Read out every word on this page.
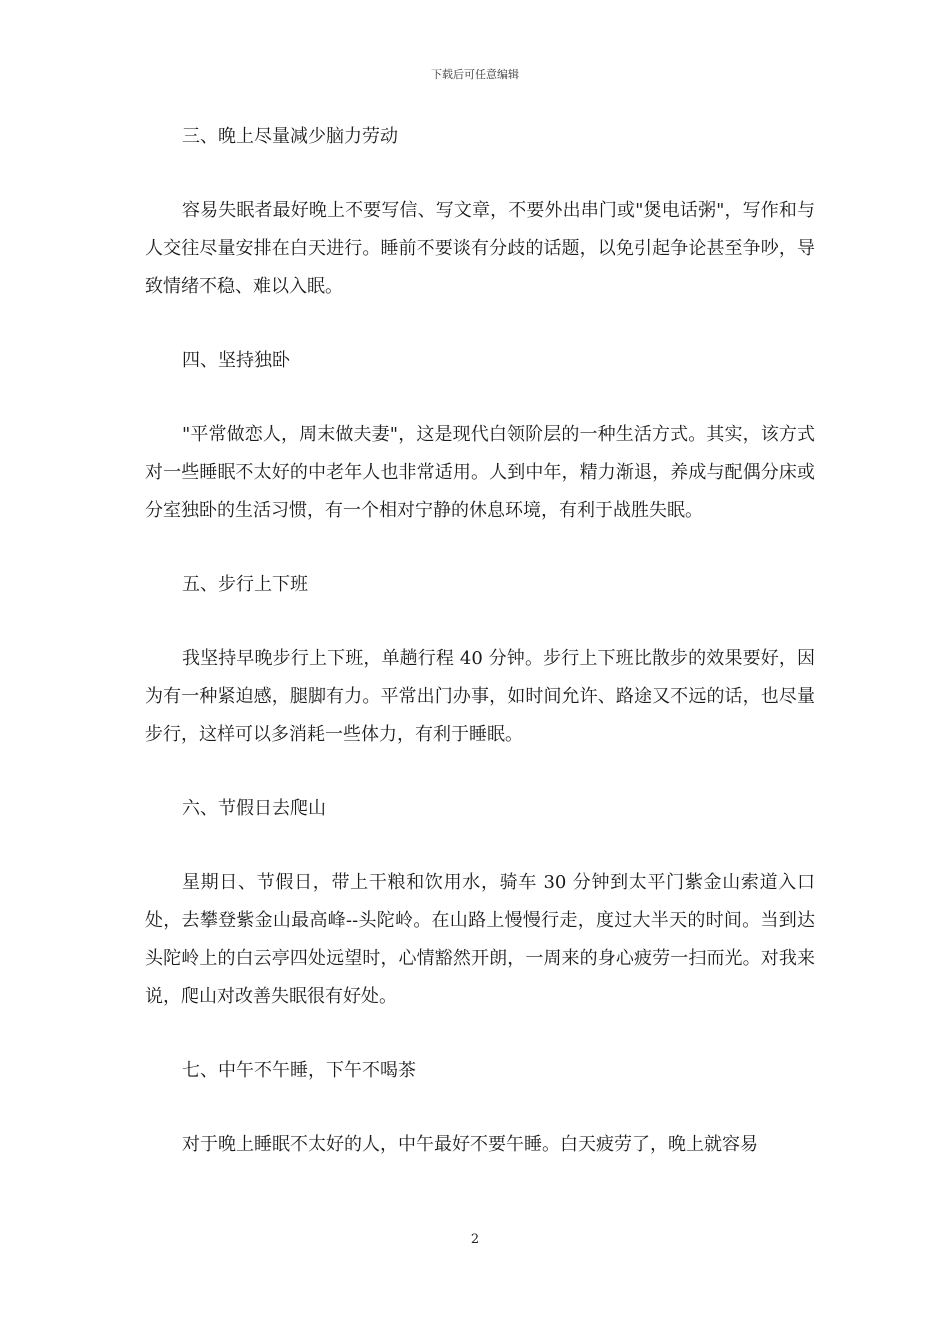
下载后可任意编辑

三、晚上尽量减少脑力劳动

容易失眠者最好晚上不要写信、写文章，不要外出串门或"煲电话粥"，写作和与人交往尽量安排在白天进行。睡前不要谈有分歧的话题，以免引起争论甚至争吵，导致情绪不稳、难以入眠。

四、坚持独卧

"平常做恋人，周末做夫妻"，这是现代白领阶层的一种生活方式。其实，该方式对一些睡眠不太好的中老年人也非常适用。人到中年，精力渐退，养成与配偶分床或分室独卧的生活习惯，有一个相对宁静的休息环境，有利于战胜失眠。

五、步行上下班

我坚持早晚步行上下班，单趟行程 40 分钟。步行上下班比散步的效果要好，因为有一种紧迫感，腿脚有力。平常出门办事，如时间允许、路途又不远的话，也尽量步行，这样可以多消耗一些体力，有利于睡眠。

六、节假日去爬山

星期日、节假日，带上干粮和饮用水，骑车 30 分钟到太平门紫金山索道入口处，去攀登紫金山最高峰--头陀岭。在山路上慢慢行走，度过大半天的时间。当到达头陀岭上的白云亭四处远望时，心情豁然开朗，一周来的身心疲劳一扫而光。对我来说，爬山对改善失眠很有好处。

七、中午不午睡，下午不喝茶

对于晚上睡眠不太好的人，中午最好不要午睡。白天疲劳了，晚上就容易

2
